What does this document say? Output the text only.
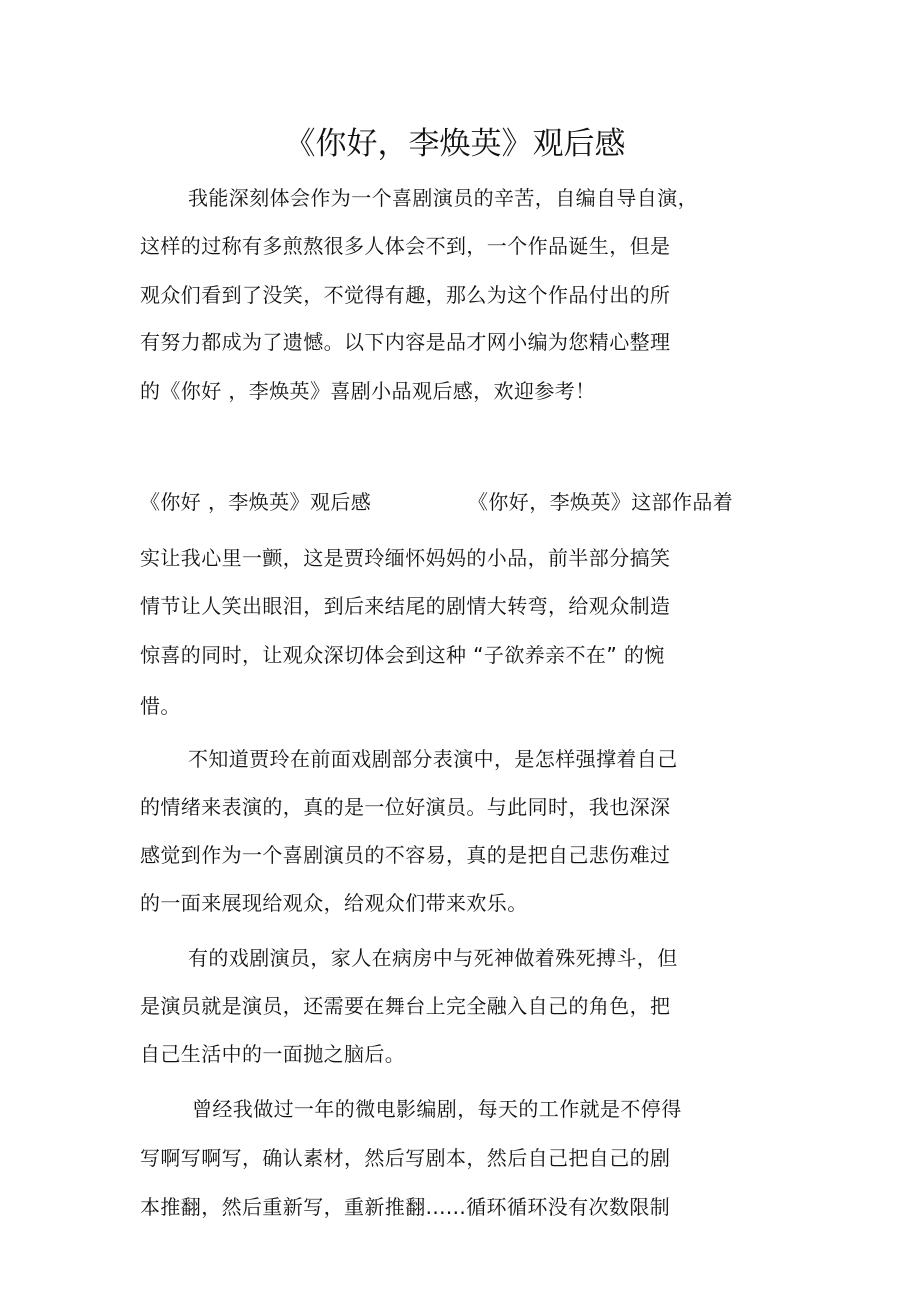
《你好，李焕英》观后感
我能深刻体会作为一个喜剧演员的辛苦，自编自导自演，
这样的过称有多煎熬很多人体会不到，一个作品诞生，但是
观众们看到了没笑，不觉得有趣，那么为这个作品付出的所
有努力都成为了遗憾。以下内容是品才网小编为您精心整理
的《你好 ，李焕英》喜剧小品观后感，欢迎参考！
《你好 ，李焕英》观后感	《你好，李焕英》这部作品着
实让我心里一颤，这是贾玲缅怀妈妈的小品，前半部分搞笑
情节让人笑出眼泪，到后来结尾的剧情大转弯，给观众制造
惊喜的同时，让观众深切体会到这种 “子欲养亲不在” 的惋
惜。
不知道贾玲在前面戏剧部分表演中，是怎样强撑着自己
的情绪来表演的，真的是一位好演员。与此同时，我也深深
感觉到作为一个喜剧演员的不容易，真的是把自己悲伤难过
的一面来展现给观众，给观众们带来欢乐。
有的戏剧演员，家人在病房中与死神做着殊死搏斗，但
是演员就是演员，还需要在舞台上完全融入自己的角色，把
自己生活中的一面抛之脑后。
曾经我做过一年的微电影编剧，每天的工作就是不停得
写啊写啊写，确认素材，然后写剧本，然后自己把自己的剧
本推翻，然后重新写，重新推翻......循环循环没有次数限制
